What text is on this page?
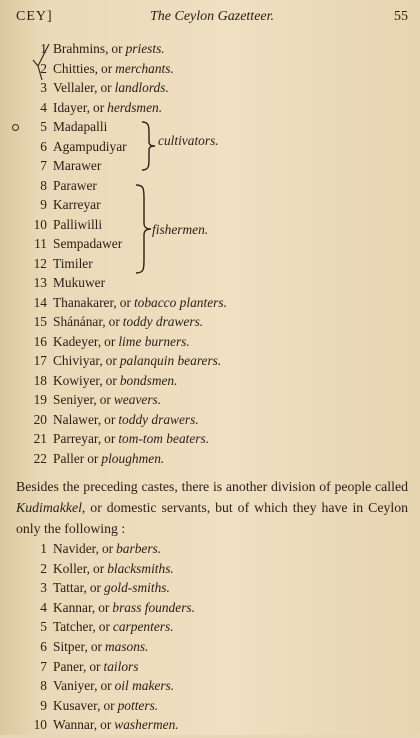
CEY]	The Ceylon Gazetteer.	55
1 Brahmins, or priests.
2 Chitties, or merchants.
3 Vellaler, or landlords.
4 Idayer, or herdsmen.
5 Madapalli
6 Agampudiyar
7 Marawer
8 Parawer
9 Karreyar
10 Palliwilli
11 Sempadawer
12 Timiler
13 Mukuwer
14 Thanakarer, or tobacco planters.
15 Shánánar, or toddy drawers.
16 Kadeyer, or lime burners.
17 Chiviyar, or palanquin bearers.
18 Kowiyer, or bondsmen.
19 Seniyer, or weavers.
20 Nalawer, or toddy drawers.
21 Parreyar, or tom-tom beaters.
22 Paller or ploughmen.
cultivators.
fishermen.

Besides the preceding castes, there is another division of people called Kudimakkel, or domestic servants, but of which they have in Ceylon only the following :

1 Navider, or barbers.
2 Koller, or blacksmiths.
3 Tattar, or gold-smiths.
4 Kannar, or brass founders.
5 Tatcher, or carpenters.
6 Sitper, or masons.
7 Paner, or tailors
8 Vaniyer, or oil makers.
9 Kusaver, or potters.
10 Wannar, or washermen.
